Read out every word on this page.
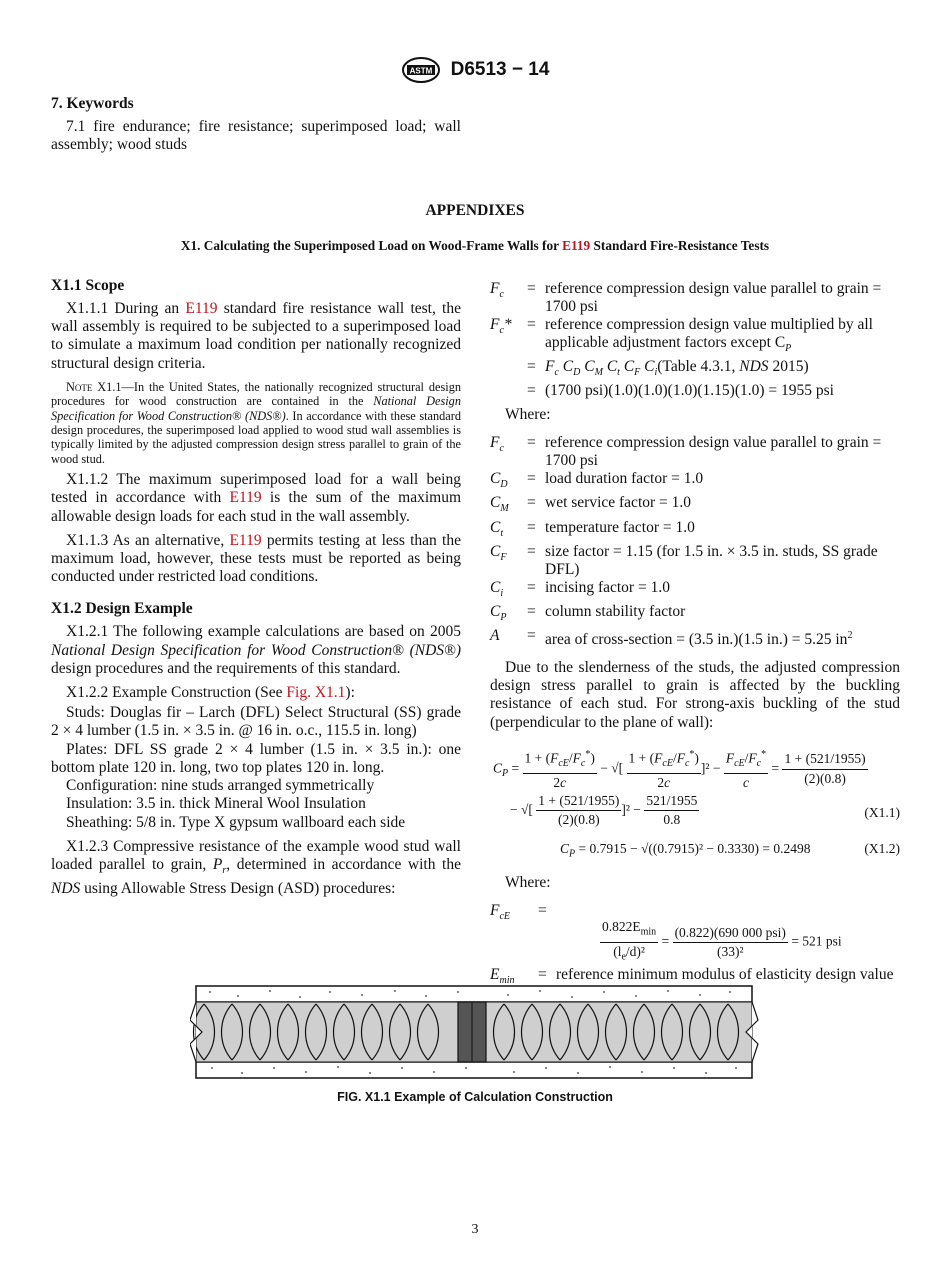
ASTM D6513 − 14
7. Keywords

7.1 fire endurance; fire resistance; superimposed load; wall assembly; wood studs

APPENDIXES
X1. Calculating the Superimposed Load on Wood-Frame Walls for E119 Standard Fire-Resistance Tests
X1.1 Scope

X1.1.1 During an E119 standard fire resistance wall test, the wall assembly is required to be subjected to a superimposed load to simulate a maximum load condition per nationally recognized structural design criteria.

Note X1.1—In the United States, the nationally recognized structural design procedures for wood construction are contained in the National Design Specification for Wood Construction® (NDS®). In accordance with these standard design procedures, the superimposed load applied to wood stud wall assemblies is typically limited by the adjusted compression design stress parallel to grain of the wood stud.

X1.1.2 The maximum superimposed load for a wall being tested in accordance with E119 is the sum of the maximum allowable design loads for each stud in the wall assembly.

X1.1.3 As an alternative, E119 permits testing at less than the maximum load, however, these tests must be reported as being conducted under restricted load conditions.

X1.2 Design Example

X1.2.1 The following example calculations are based on 2005 National Design Specification for Wood Construction® (NDS®) design procedures and the requirements of this standard.

X1.2.2 Example Construction (See Fig. X1.1):

Studs: Douglas fir – Larch (DFL) Select Structural (SS) grade 2 × 4 lumber (1.5 in. × 3.5 in. @ 16 in. o.c., 115.5 in. long)

Plates: DFL SS grade 2 × 4 lumber (1.5 in. × 3.5 in.): one bottom plate 120 in. long, two top plates 120 in. long.

Configuration: nine studs arranged symmetrically

Insulation: 3.5 in. thick Mineral Wool Insulation

Sheathing: 5/8 in. Type X gypsum wallboard each side

X1.2.3 Compressive resistance of the example wood stud wall loaded parallel to grain, $P_r$, determined in accordance with the NDS using Allowable Stress Design (ASD) procedures:

$F_c$	=	reference compression design value parallel to grain = 1700 psi
$F_c*$	=	reference compression design value multiplied by all applicable adjustment factors except $C_P$
	=	$F_c$ $C_D$ $C_M$ $C_t$ $C_F$ $C_i(Table$ 4.3.1, NDS 2015)
	=	(1700 psi)(1.0)(1.0)(1.0)(1.15)(1.0) = 1955 psi

Where:

$F_c$	=	reference compression design value parallel to grain = 1700 psi
$C_D$	=	load duration factor = 1.0
$C_M$	=	wet service factor = 1.0
$C_t$	=	temperature factor = 1.0
$C_F$	=	size factor = 1.15 (for 1.5 in. × 3.5 in. studs, SS grade DFL)
$C_i$	=	incising factor = 1.0
$C_P$	=	column stability factor
A	=	area of cross-section = (3.5 in.)(1.5 in.) = 5.25 $in^2$

Due to the slenderness of the studs, the adjusted compression design stress parallel to grain is affected by the buckling resistance of each stud. For strong-axis buckling of the stud (perpendicular to the plane of wall):

$C_P = \frac{1 + (F_{cE}/F_c^*)}{2c}$ − √[ $\frac{1 + (F_{cE}/F_c^*)}{2c} ]^2 - \frac{F_{cE}/F_c^*}{c} = \frac{1 + (521/1955)}{(2)(0.8)}$
− √[ $\frac{1 + (521/1955)}{(2)(0.8)} ]^2 - \frac{521/1955}{0.8}$	(X1.1)
$C_P = 0.7915 - √((0.7915)^2 - 0.3330) = 0.2498$	(X1.2)

Where:

$F_{cE}$ =
$\frac{0.822E_{min}}{(l_e/d)^2} = \frac{\text{(0.822)(690 000 psi)}}{\text{(33)²}} = 521$ psi
$E_{min}$	=	reference minimum modulus of elasticity design value
FIG. X1.1 Example of Calculation Construction
3
